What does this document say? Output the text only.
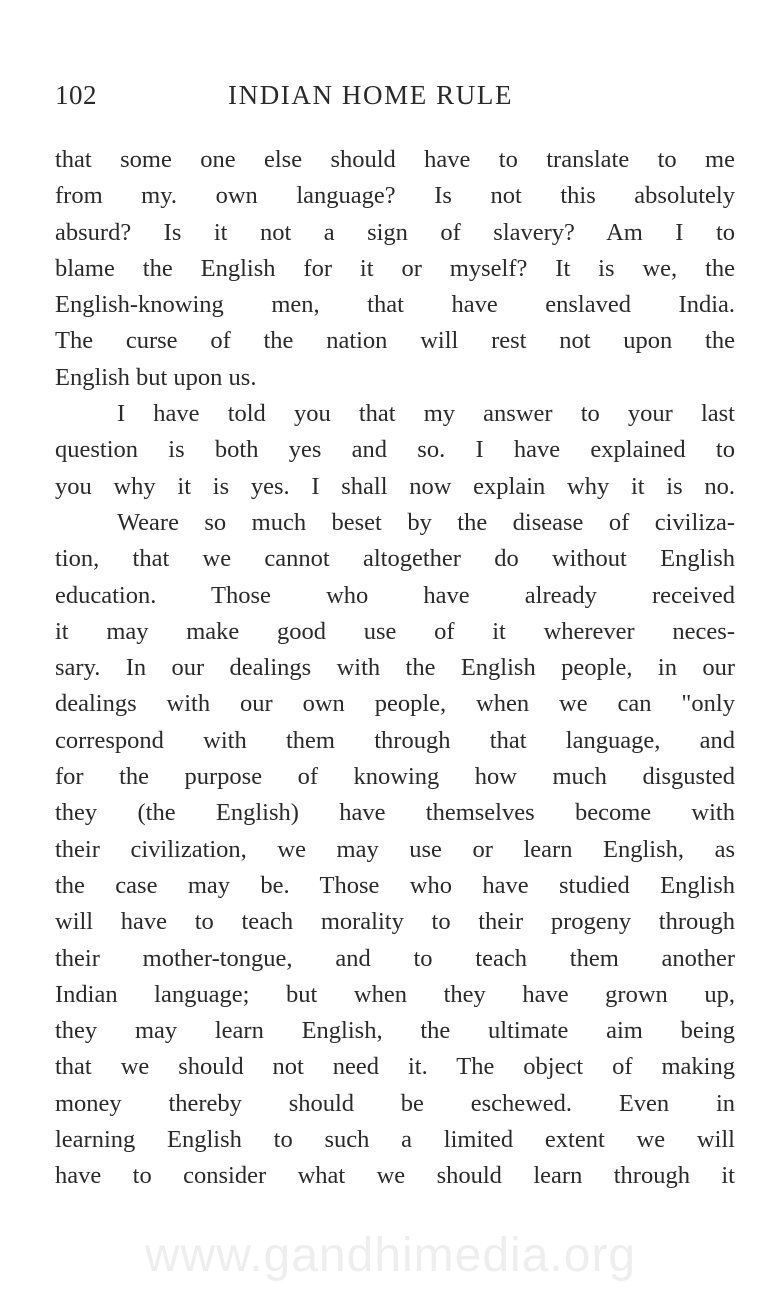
102	INDIAN HOME RULE
that some one else should have to translate to me
from my. own language? Is not this absolutely
absurd? Is it not a sign of slavery? Am I to
blame the English for it or myself? It is we, the
English-knowing men, that have enslaved India.
The curse of the nation will rest not upon the
English but upon us.
I have told you that my answer to your last
question is both yes and so. I have explained to
you why it is yes. I shall now explain why it is no.
Weare so much beset by the disease of civiliza-
tion, that we cannot altogether do without English
education. Those who have already received
it may make good use of it wherever neces-
sary. In our dealings with the English people, in our
dealings with our own people, when we can "only
correspond with them through that language, and
for the purpose of knowing how much disgusted
they (the English) have themselves become with
their civilization, we may use or learn English, as
the case may be. Those who have studied English
will have to teach morality to their progeny through
their mother-tongue, and to teach them another
Indian language; but when they have grown up,
they may learn English, the ultimate aim being
that we should not need it. The object of making
money thereby should be eschewed. Even in
learning English to such a limited extent we will
have to consider what we should learn through it
www.gandhimedia.org
